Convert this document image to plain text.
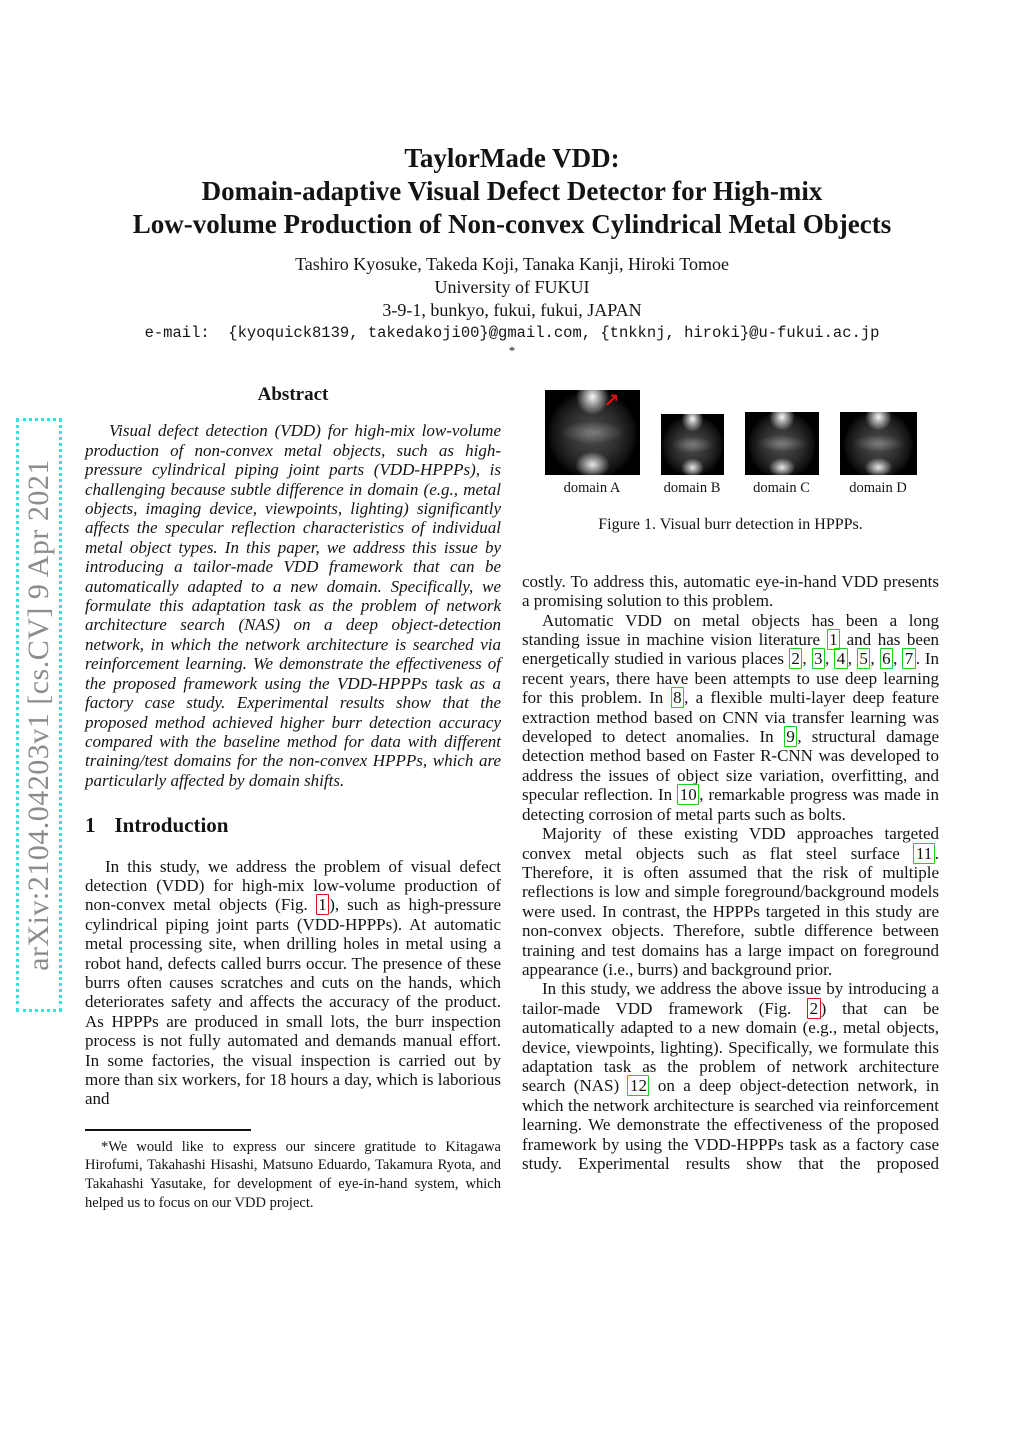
arXiv:2104.04203v1 [cs.CV] 9 Apr 2021
TaylorMade VDD:
Domain-adaptive Visual Defect Detector for High-mix
Low-volume Production of Non-convex Cylindrical Metal Objects
Tashiro Kyosuke, Takeda Koji, Tanaka Kanji, Hiroki Tomoe
University of FUKUI
3-9-1, bunkyo, fukui, fukui, JAPAN
e-mail:  {kyoquick8139, takedakoji00}@gmail.com, {tnkknj, hiroki}@u-fukui.ac.jp
*
Abstract

Visual defect detection (VDD) for high-mix low-volume production of non-convex metal objects, such as high-pressure cylindrical piping joint parts (VDD-HPPPs), is challenging because subtle difference in domain (e.g., metal objects, imaging device, viewpoints, lighting) significantly affects the specular reflection characteristics of individual metal object types. In this paper, we address this issue by introducing a tailor-made VDD framework that can be automatically adapted to a new domain. Specifically, we formulate this adaptation task as the problem of network architecture search (NAS) on a deep object-detection network, in which the network architecture is searched via reinforcement learning. We demonstrate the effectiveness of the proposed framework using the VDD-HPPPs task as a factory case study. Experimental results show that the proposed method achieved higher burr detection accuracy compared with the baseline method for data with different training/test domains for the non-convex HPPPs, which are particularly affected by domain shifts.

1 Introduction

In this study, we address the problem of visual defect detection (VDD) for high-mix low-volume production of non-convex metal objects (Fig. 1 ), such as high-pressure cylindrical piping joint parts (VDD-HPPPs). At automatic metal processing site, when drilling holes in metal using a robot hand, defects called burrs occur. The presence of these burrs often causes scratches and cuts on the hands, which deteriorates safety and affects the accuracy of the product. As HPPPs are produced in small lots, the burr inspection process is not fully automated and demands manual effort. In some factories, the visual inspection is carried out by more than six workers, for 18 hours a day, which is laborious and

*We would like to express our sincere gratitude to Kitagawa Hirofumi, Takahashi Hisashi, Matsuno Eduardo, Takamura Ryota, and Takahashi Yasutake, for development of eye-in-hand system, which helped us to focus on our VDD project.

↗
domain A	domain B domain C	domain D

Figure 1. Visual burr detection in HPPPs.

costly. To address this, automatic eye-in-hand VDD presents a promising solution to this problem.

Automatic VDD on metal objects has been a long standing issue in machine vision literature 1 and has been energetically studied in various places 2 , 3 , 4 , 5 , 6 , 7 . In recent years, there have been attempts to use deep learning for this problem. In 8 , a flexible multi-layer deep feature extraction method based on CNN via transfer learning was developed to detect anomalies. In 9 , structural damage detection method based on Faster R-CNN was developed to address the issues of object size variation, overfitting, and specular reflection. In 10 , remarkable progress was made in detecting corrosion of metal parts such as bolts.

Majority of these existing VDD approaches targeted convex metal objects such as flat steel surface 11 . Therefore, it is often assumed that the risk of multiple reflections is low and simple foreground/background models were used. In contrast, the HPPPs targeted in this study are non-convex objects. Therefore, subtle difference between training and test domains has a large impact on foreground appearance (i.e., burrs) and background prior.

In this study, we address the above issue by introducing a tailor-made VDD framework (Fig. 2 ) that can be automatically adapted to a new domain (e.g., metal objects, device, viewpoints, lighting). Specifically, we formulate this adaptation task as the problem of network architecture search (NAS) 12 on a deep object-detection network, in which the network architecture is searched via reinforcement learning. We demonstrate the effectiveness of the proposed framework by using the VDD-HPPPs task as a factory case study. Experimental results show that the proposed
